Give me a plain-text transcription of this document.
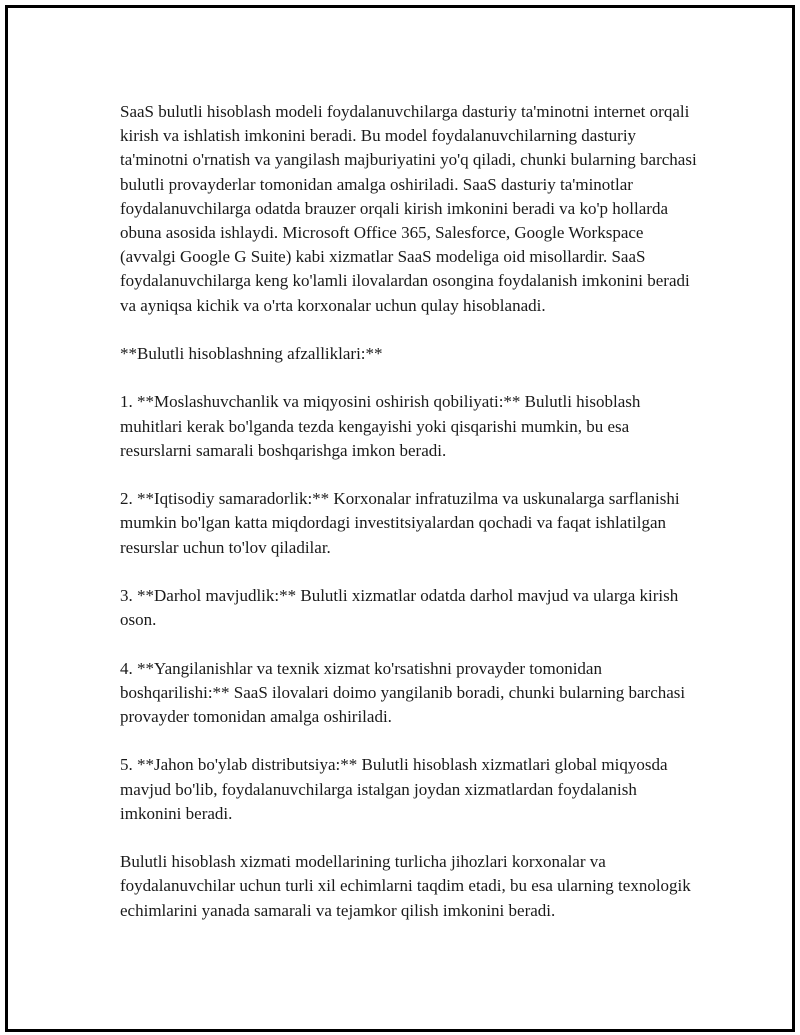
SaaS bulutli hisoblash modeli foydalanuvchilarga dasturiy ta'minotni internet orqali kirish va ishlatish imkonini beradi. Bu model foydalanuvchilarning dasturiy ta'minotni o'rnatish va yangilash majburiyatini yo'q qiladi, chunki bularning barchasi bulutli provayderlar tomonidan amalga oshiriladi. SaaS dasturiy ta'minotlar foydalanuvchilarga odatda brauzer orqali kirish imkonini beradi va ko'p hollarda obuna asosida ishlaydi. Microsoft Office 365, Salesforce, Google Workspace (avvalgi Google G Suite) kabi xizmatlar SaaS modeliga oid misollardir. SaaS foydalanuvchilarga keng ko'lamli ilovalardan osongina foydalanish imkonini beradi va ayniqsa kichik va o'rta korxonalar uchun qulay hisoblanadi.

**Bulutli hisoblashning afzalliklari:**

1. **Moslashuvchanlik va miqyosini oshirish qobiliyati:** Bulutli hisoblash muhitlari kerak bo'lganda tezda kengayishi yoki qisqarishi mumkin, bu esa resurslarni samarali boshqarishga imkon beradi.

2. **Iqtisodiy samaradorlik:** Korxonalar infratuzilma va uskunalarga sarflanishi mumkin bo'lgan katta miqdordagi investitsiyalardan qochadi va faqat ishlatilgan resurslar uchun to'lov qiladilar.

3. **Darhol mavjudlik:** Bulutli xizmatlar odatda darhol mavjud va ularga kirish oson.

4. **Yangilanishlar va texnik xizmat ko'rsatishni provayder tomonidan boshqarilishi:** SaaS ilovalari doimo yangilanib boradi, chunki bularning barchasi provayder tomonidan amalga oshiriladi.

5. **Jahon bo'ylab distributsiya:** Bulutli hisoblash xizmatlari global miqyosda mavjud bo'lib, foydalanuvchilarga istalgan joydan xizmatlardan foydalanish imkonini beradi.

Bulutli hisoblash xizmati modellarining turlicha jihozlari korxonalar va foydalanuvchilar uchun turli xil echimlarni taqdim etadi, bu esa ularning texnologik echimlarini yanada samarali va tejamkor qilish imkonini beradi.
